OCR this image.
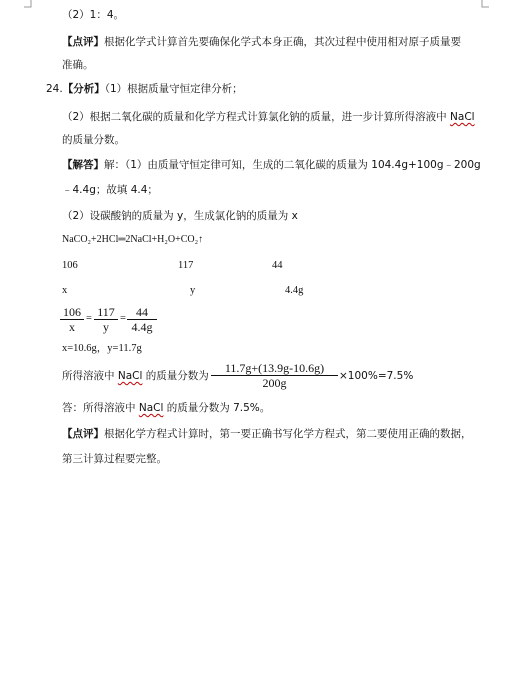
（2）1：4。
【点评】根据化学式计算首先要确保化学式本身正确，其次过程中使用相对原子质量要
准确。
24.【分析】（1）根据质量守恒定律分析；
（2）根据二氧化碳的质量和化学方程式计算氯化钠的质量，进一步计算所得溶液中 NaCl
的质量分数。
【解答】解：（1）由质量守恒定律可知，生成的二氧化碳的质量为 104.4g+100g﹣200g
﹣4.4g；故填 4.4；
（2）设碳酸钠的质量为 y，生成氯化钠的质量为 x
NaCO₂+2HCl═2NaCl+H₂O+CO₂↑
106	117	44
x	y	4.4g
$\frac{106}{x} = \frac{117}{y} = \frac{44}{4.4g}$
x=10.6g，y=11.7g
所得溶液中 NaCl 的质量分数为 $\frac{11.7g+(13.9g-10.6g)}{200g} \times 100\%=7.5\%$
答：所得溶液中 NaCl 的质量分数为 7.5%。
【点评】根据化学方程式计算时，第一要正确书写化学方程式，第二要使用正确的数据，
第三计算过程要完整。
